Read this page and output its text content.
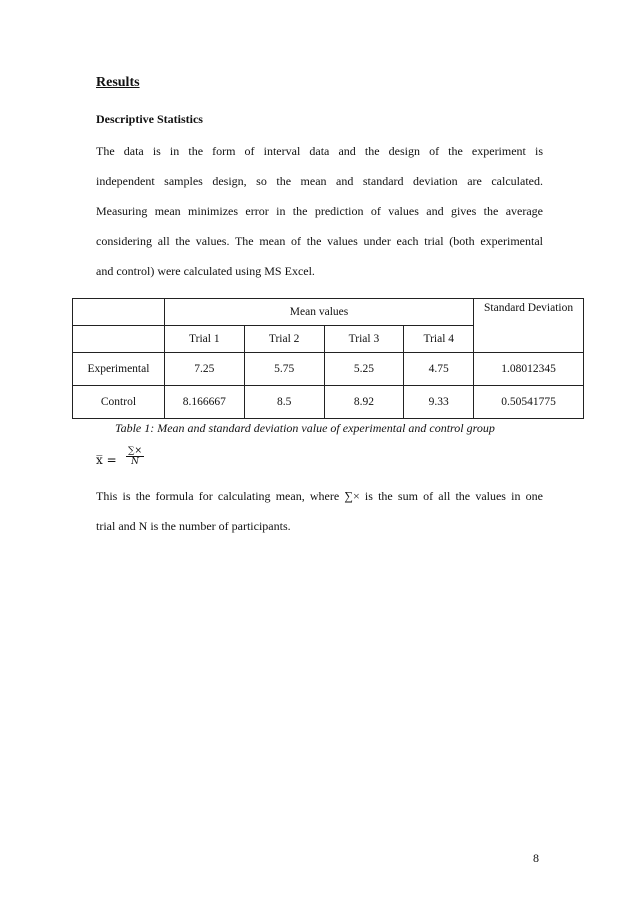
Results
Descriptive Statistics
The data is in the form of interval data and the design of the experiment is
independent samples design, so the mean and standard deviation are calculated.
Measuring mean minimizes error in the prediction of values and gives the average
considering all the values. The mean of the values under each trial (both experimental
and control) were calculated using MS Excel.
	Mean values				Standard Deviation
	Trial 1	Trial 2	Trial 3	Trial 4	
Experimental	7.25	5.75	5.25	4.75	1.08012345
Control	8.166667	8.5	8.92	9.33	0.50541775
Table 1: Mean and standard deviation value of experimental and control group
x̅ =
∑×
N
This is the formula for calculating mean, where ∑× is the sum of all the values in one
trial and N is the number of participants.
8
